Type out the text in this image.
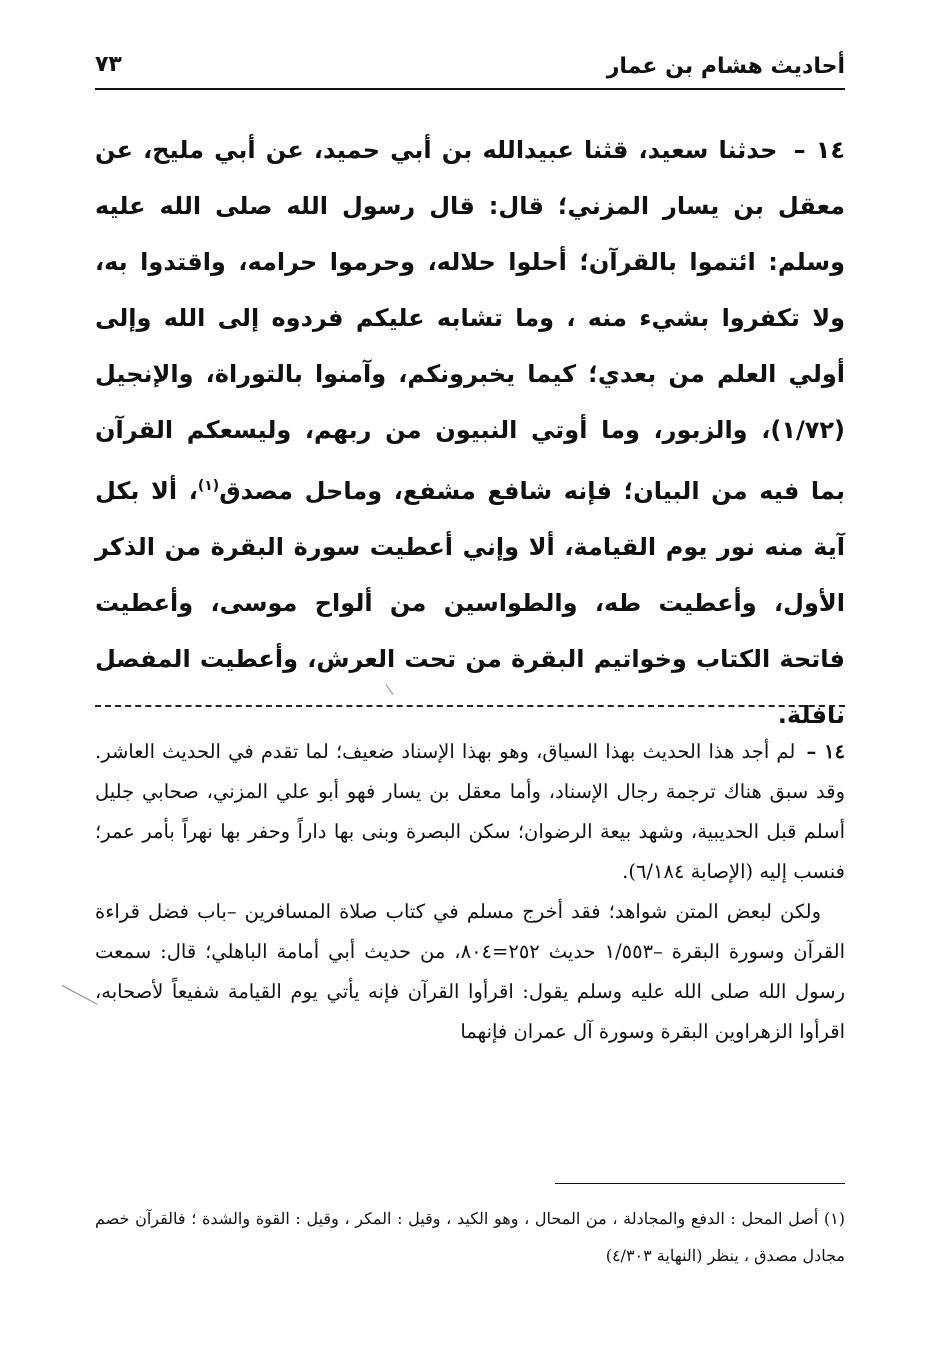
أحاديث هشام بن عمار
٧٣
١٤ – حدثنا سعيد، قثنا عبيدالله بن أبي حميد، عن أبي مليح، عن معقل بن يسار المزني؛ قال: قال رسول الله صلى الله عليه وسلم: ائتموا بالقرآن؛ أحلوا حلاله، وحرموا حرامه، واقتدوا به، ولا تكفروا بشيء منه ، وما تشابه عليكم فردوه إلى الله وإلى أولي العلم من بعدي؛ كيما يخبرونكم، وآمنوا بالتوراة، والإنجيل (١/٧٢)، والزبور، وما أوتي النبيون من ربهم، وليسعكم القرآن بما فيه من البيان؛ فإنه شافع مشفع، وماحل مصدق$^{(١)}$، ألا بكل آية منه نور يوم القيامة، ألا وإني أعطيت سورة البقرة من الذكر الأول، وأعطيت طه، والطواسين من ألواح موسى، وأعطيت فاتحة الكتاب وخواتيم البقرة من تحت العرش، وأعطيت المفصل نافلة.

١٤ – لم أجد هذا الحديث بهذا السياق، وهو بهذا الإسناد ضعيف؛ لما تقدم في الحديث العاشر. وقد سبق هناك ترجمة رجال الإسناد، وأما معقل بن يسار فهو أبو علي المزني، صحابي جليل أسلم قبل الحديبية، وشهد بيعة الرضوان؛ سكن البصرة وبنى بها داراً وحفر بها نهراً بأمر عمر؛ فنسب إليه (الإصابة ٦/١٨٤).

ولكن لبعض المتن شواهد؛ فقد أخرج مسلم في كتاب صلاة المسافرين –باب فضل قراءة القرآن وسورة البقرة –١/٥٥٣ حديث ٢٥٢=٨٠٤، من حديث أبي أمامة الباهلي؛ قال: سمعت رسول الله صلى الله عليه وسلم يقول: اقرأوا القرآن فإنه يأتي يوم القيامة شفيعاً لأصحابه، اقرأوا الزهراوين البقرة وسورة آل عمران فإنهما

(١) أصل المحل : الدفع والمجادلة ، من المحال ، وهو الكيد ، وقيل : المكر ، وقيل : القوة والشدة ؛ فالقرآن خصم مجادل مصدق ، ينظر (النهاية ٤/٣٠٣)
